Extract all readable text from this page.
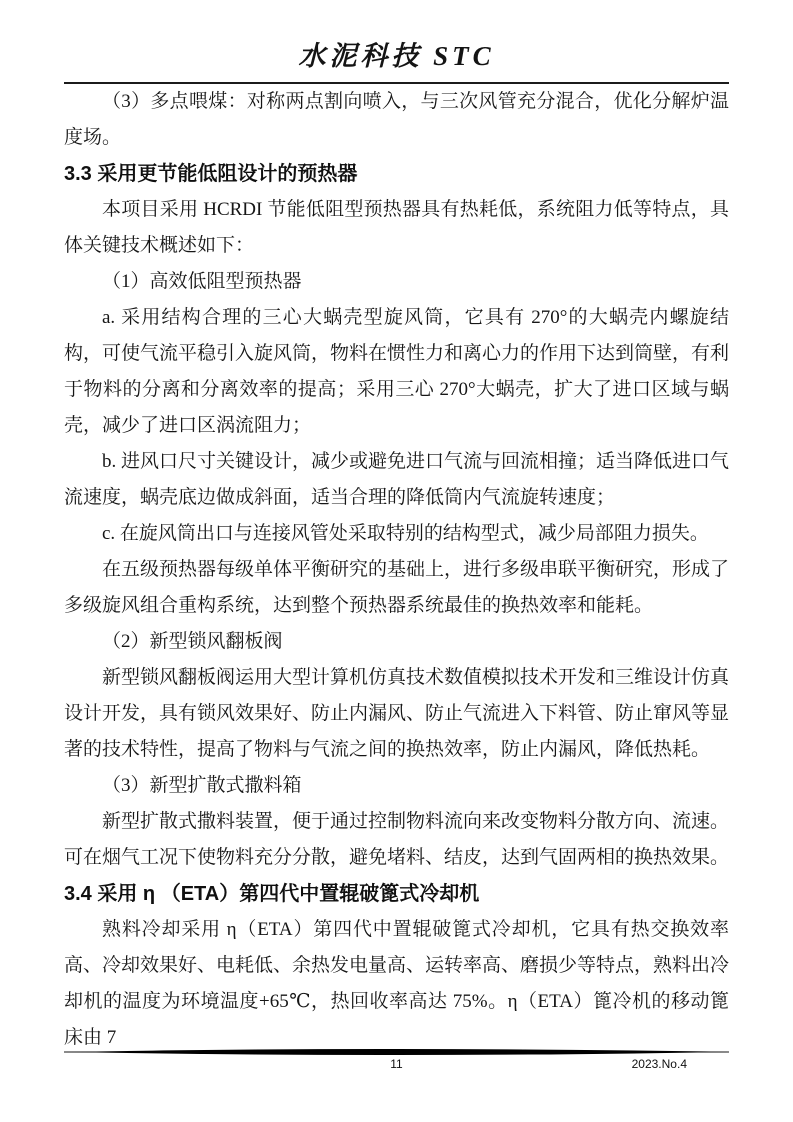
水泥科技 STC

（3）多点喂煤：对称两点割向喷入，与三次风管充分混合，优化分解炉温度场。

3.3 采用更节能低阻设计的预热器

本项目采用 HCRDI 节能低阻型预热器具有热耗低，系统阻力低等特点，具体关键技术概述如下：

（1）高效低阻型预热器

a. 采用结构合理的三心大蜗壳型旋风筒，它具有 270°的大蜗壳内螺旋结构，可使气流平稳引入旋风筒，物料在惯性力和离心力的作用下达到筒壁，有利于物料的分离和分离效率的提高；采用三心 270°大蜗壳，扩大了进口区域与蜗壳，减少了进口区涡流阻力；

b. 进风口尺寸关键设计，减少或避免进口气流与回流相撞；适当降低进口气流速度，蜗壳底边做成斜面，适当合理的降低筒内气流旋转速度；

c. 在旋风筒出口与连接风管处采取特别的结构型式，减少局部阻力损失。

在五级预热器每级单体平衡研究的基础上，进行多级串联平衡研究，形成了多级旋风组合重构系统，达到整个预热器系统最佳的换热效率和能耗。

（2）新型锁风翻板阀

新型锁风翻板阀运用大型计算机仿真技术数值模拟技术开发和三维设计仿真设计开发，具有锁风效果好、防止内漏风、防止气流进入下料管、防止窜风等显著的技术特性，提高了物料与气流之间的换热效率，防止内漏风，降低热耗。

（3）新型扩散式撒料箱

新型扩散式撒料装置，便于通过控制物料流向来改变物料分散方向、流速。可在烟气工况下使物料充分分散，避免堵料、结皮，达到气固两相的换热效果。

3.4 采用 η （ETA）第四代中置辊破篦式冷却机

熟料冷却采用 η（ETA）第四代中置辊破篦式冷却机，它具有热交换效率高、冷却效果好、电耗低、余热发电量高、运转率高、磨损少等特点，熟料出冷却机的温度为环境温度+65℃，热回收率高达 75%。η（ETA）篦冷机的移动篦床由 7

11	2023.No.4
